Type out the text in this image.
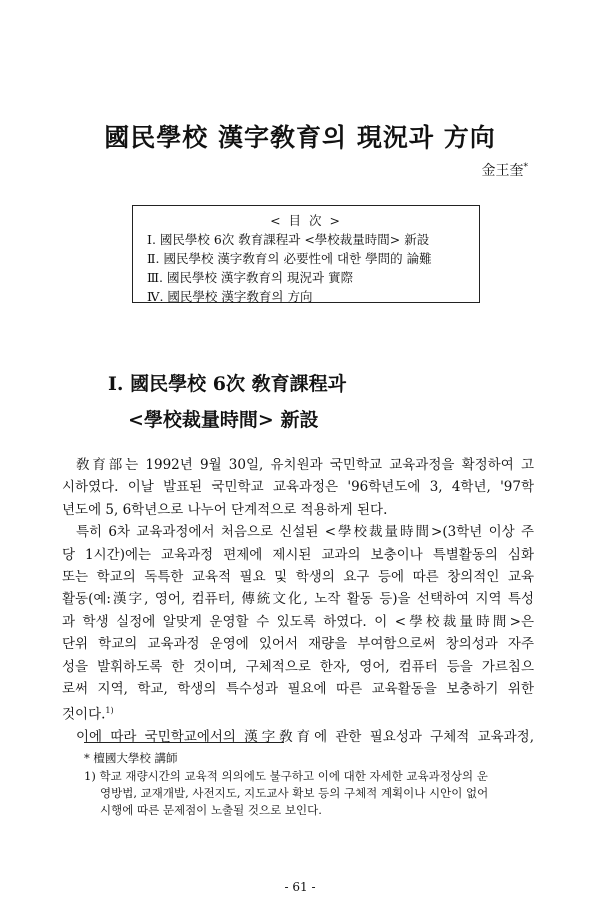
國民學校 漢字敎育의 現況과 方向
金王奎*
< 目 次 >
Ⅰ. 國民學校 6次 敎育課程과 <學校裁量時間> 新設
Ⅱ. 國民學校 漢字敎育의 必要性에 대한 學問的 論難
Ⅲ. 國民學校 漢字敎育의 現況과 實際
Ⅳ. 國民學校 漢字敎育의 方向
Ⅰ. 國民學校 6次 敎育課程과
<學校裁量時間> 新設
敎育部는 1992년 9월 30일, 유치원과 국민학교 교육과정을 확정하여 고
시하였다. 이날 발표된 국민학교 교육과정은 '96학년도에 3, 4학년, '97학
년도에 5, 6학년으로 나누어 단계적으로 적용하게 된다.
특히 6차 교육과정에서 처음으로 신설된 <學校裁量時間>(3학년 이상 주
당 1시간)에는 교육과정 편제에 제시된 교과의 보충이나 특별활동의 심화
또는 학교의 독특한 교육적 필요 및 학생의 요구 등에 따른 창의적인 교육
활동(예:漢字, 영어, 컴퓨터, 傳統文化, 노작 활동 등)을 선택하여 지역 특성
과 학생 실정에 알맞게 운영할 수 있도록 하였다. 이 <學校裁量時間>은
단위 학교의 교육과정 운영에 있어서 재량을 부여함으로써 창의성과 자주
성을 발휘하도록 한 것이며, 구체적으로 한자, 영어, 컴퓨터 등을 가르침으
로써 지역, 학교, 학생의 특수성과 필요에 따른 교육활동을 보충하기 위한
것이다.$^{1)}$
이에 따라 국민학교에서의 漢字敎育에 관한 필요성과 구체적 교육과정,
* 檀國大學校 講師
1) 학교 재량시간의 교육적 의의에도 불구하고 이에 대한 자세한 교육과정상의 운
영방법, 교재개발, 사전지도, 지도교사 확보 등의 구체적 계획이나 시안이 없어
시행에 따른 문제점이 노출될 것으로 보인다.
- 61 -
